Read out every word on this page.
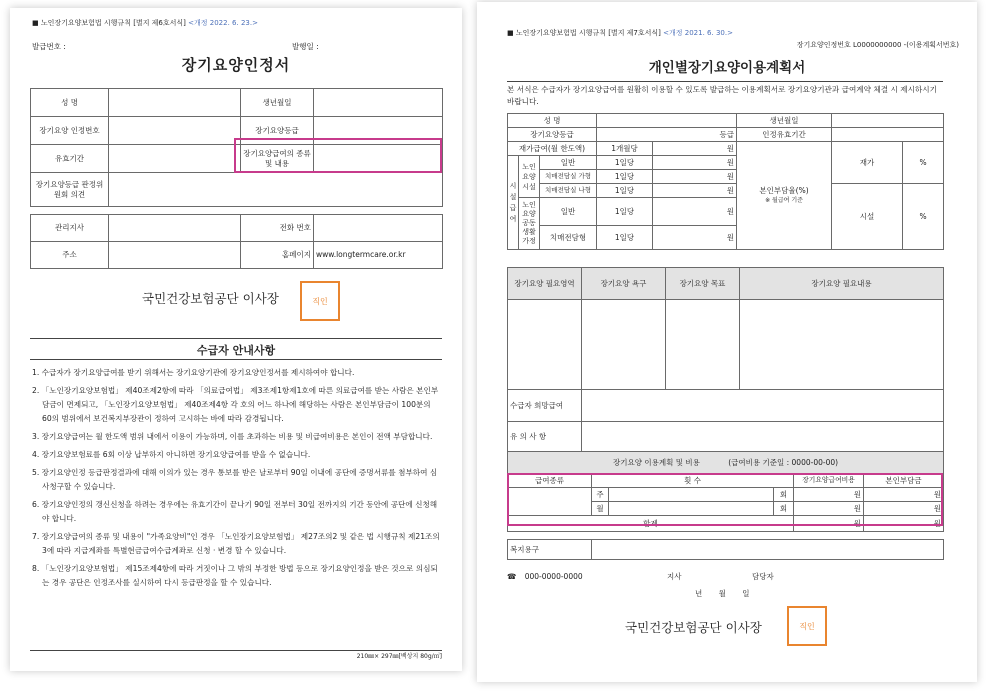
■ 노인장기요양보험법 시행규칙 [별지 제6호서식] <개정 2022. 6. 23.>
발급번호 :	발행일 :
장기요양인정서
성 명		생년월일	
장기요양 인정번호		장기요양등급	
유효기간		장기요양급여의 종류 및 내용	
장기요양등급 판정위원회 의견			

관리지사		전화 번호	
주소		홈페이지	www.longtermcare.or.kr
국민건강보험공단 이사장	직인
수급자 안내사항

1. 수급자가 장기요양급여를 받기 위해서는 장기요양기관에 장기요양인정서를 제시하여야 합니다.

2. 「노인장기요양보험법」 제40조제2항에 따라 「의료급여법」 제3조제1항제1호에 따른 의료급여를 받는 사람은 본인부담금이 면제되고, 「노인장기요양보험법」 제40조제4항 각 호의 어느 하나에 해당하는 사람은 본인부담금이 100분의 60의 범위에서 보건복지부장관이 정하여 고시하는 바에 따라 감경됩니다.

3. 장기요양급여는 월 한도액 범위 내에서 이용이 가능하며, 이를 초과하는 비용 및 비급여비용은 본인이 전액 부담합니다.

4. 장기요양보험료를 6회 이상 납부하지 아니하면 장기요양급여를 받을 수 없습니다.

5. 장기요양인정 등급판정결과에 대해 이의가 있는 경우 통보를 받은 날로부터 90일 이내에 공단에 증명서류를 첨부하여 심사청구할 수 있습니다.

6. 장기요양인정의 갱신신청을 하려는 경우에는 유효기간이 끝나기 90일 전부터 30일 전까지의 기간 동안에 공단에 신청해야 합니다.

7. 장기요양급여의 종류 및 내용이 "가족요양비"인 경우 「노인장기요양보험법」 제27조의2 및 같은 법 시행규칙 제21조의3에 따라 지급계좌를 특별현금급여수급계좌로 신청 · 변경 할 수 있습니다.

8. 「노인장기요양보험법」 제15조제4항에 따라 거짓이나 그 밖의 부정한 방법 등으로 장기요양인정을 받은 것으로 의심되는 경우 공단은 인정조사를 실시하여 다시 등급판정을 할 수 있습니다.

210㎜× 297㎜[백상지 80g/㎡]
■ 노인장기요양보험법 시행규칙 [별지 제7호서식] <개정 2021. 6. 30.>
장기요양인정번호 L0000000000 -(이용계획서번호)
개인별장기요양이용계획서
본 서식은 수급자가 장기요양급여를 원활히 이용할 수 있도록 발급하는 이용계획서로 장기요양기관과 급여계약 체결 시 제시하시기 바랍니다.
성 명					생년월일		
장기요양등급			등급		인정유효기간		
재가급여(월 한도액)			1개월당	원	본인부담율(%)
※ 월급여 기준	재가	%
시설급여	노인요양시설	일반	1일당	원			
		치매전담실 가형	1일당	원			
		치매전담실 나형	1일당	원		시설	%
	노인요양공동생활가정	일반	1일당	원			
		치매전담형	1일당	원			
장기요양 필요영역	장기요양 욕구	장기요양 목표	장기요양 필요내용

수급자 희망급여			
유 의 사 항			
장기요양 이용계획 및 비용 (급여비용 기준일 : 0000-00-00)					
급여종류	횟 수			장기요양급여비용	본인부담금
	주		회	원	원
	월		회	원	원
합계				원	원

복지용구					
☎ 000-0000-0000	지사	담당자
년 월 일
국민건강보험공단 이사장	직인
